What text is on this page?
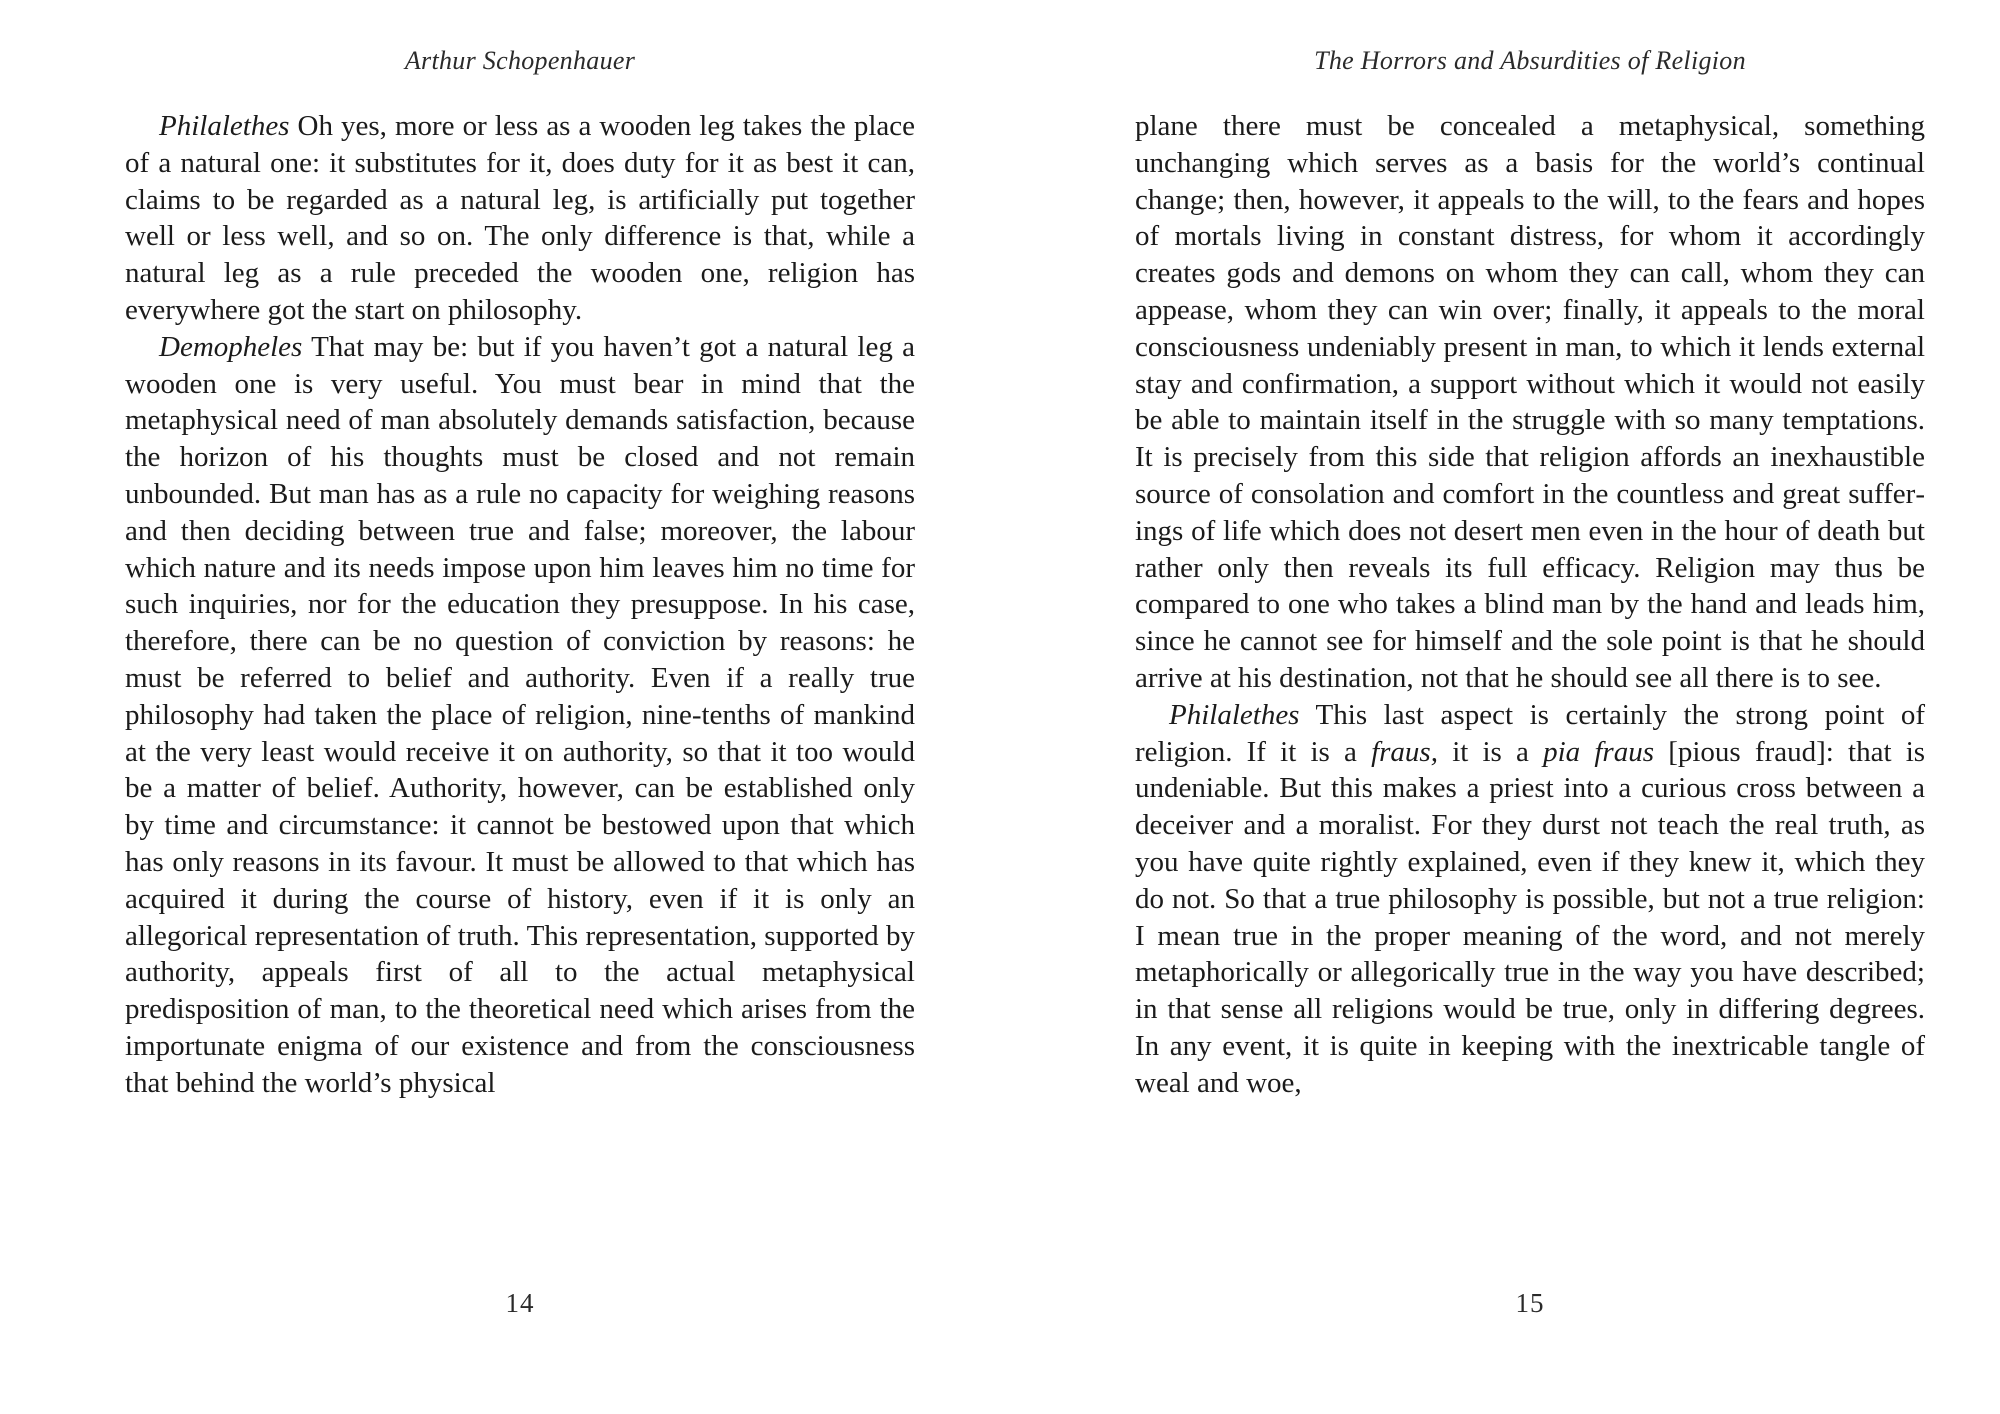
Arthur Schopenhauer

Philalethes Oh yes, more or less as a wooden leg takes the place of a natural one: it substitutes for it, does duty for it as best it can, claims to be regarded as a natural leg, is artificially put together well or less well, and so on. The only difference is that, while a natural leg as a rule preceded the wooden one, religion has everywhere got the start on philosophy.

Demopheles That may be: but if you haven’t got a natural leg a wooden one is very useful. You must bear in mind that the metaphysical need of man absolutely demands satisfaction, because the horizon of his thoughts must be closed and not remain unbounded. But man has as a rule no capacity for weighing reasons and then deciding between true and false; moreover, the labour which nature and its needs impose upon him leaves him no time for such inquiries, nor for the education they presuppose. In his case, therefore, there can be no question of conviction by reasons: he must be referred to belief and authority. Even if a really true philosophy had taken the place of religion, nine-tenths of mankind at the very least would receive it on authority, so that it too would be a matter of belief. Authority, however, can be established only by time and circumstance: it cannot be bestowed upon that which has only reasons in its favour. It must be allowed to that which has acquired it during the course of history, even if it is only an allegorical representation of truth. This representation, supported by authority, appeals first of all to the actual metaphysical predisposition of man, to the theoretical need which arises from the importunate enigma of our existence and from the consciousness that behind the world’s physical

14
The Horrors and Absurdities of Religion

plane there must be concealed a metaphysical, something unchanging which serves as a basis for the world’s continual change; then, however, it appeals to the will, to the fears and hopes of mortals living in constant distress, for whom it accordingly creates gods and demons on whom they can call, whom they can appease, whom they can win over; finally, it appeals to the moral consciousness undeniably present in man, to which it lends external stay and confirmation, a support without which it would not easily be able to maintain itself in the struggle with so many temptations. It is precisely from this side that religion affords an inexhaustible source of consolation and comfort in the countless and great sufferings of life which does not desert men even in the hour of death but rather only then reveals its full efficacy. Religion may thus be compared to one who takes a blind man by the hand and leads him, since he cannot see for himself and the sole point is that he should arrive at his destination, not that he should see all there is to see.

Philalethes This last aspect is certainly the strong point of religion. If it is a fraus, it is a pia fraus [pious fraud]: that is undeniable. But this makes a priest into a curious cross between a deceiver and a moralist. For they durst not teach the real truth, as you have quite rightly explained, even if they knew it, which they do not. So that a true philosophy is possible, but not a true religion: I mean true in the proper meaning of the word, and not merely metaphorically or allegorically true in the way you have described; in that sense all religions would be true, only in differing degrees. In any event, it is quite in keeping with the inextricable tangle of weal and woe,

15
